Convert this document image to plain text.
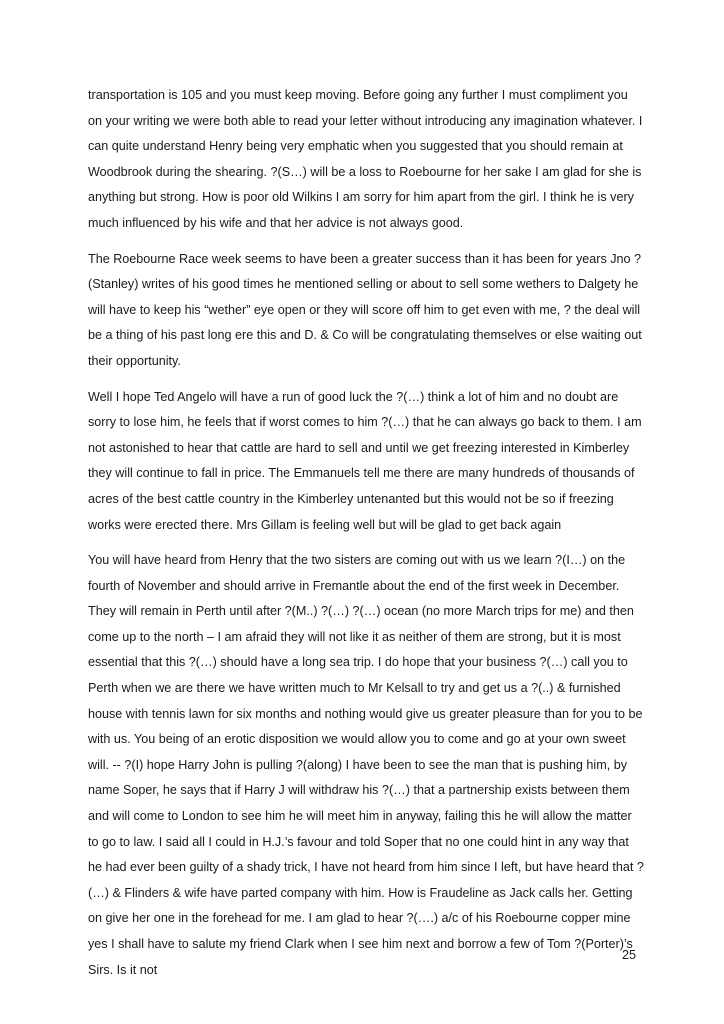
transportation is 105 and you must keep moving. Before going any further I must compliment you on your writing we were both able to read your letter without introducing any imagination whatever. I can quite understand Henry being very emphatic when you suggested that you should remain at Woodbrook during the shearing. ?(S…) will be a loss to Roebourne for her sake I am glad for she is anything but strong. How is poor old Wilkins I am sorry for him apart from the girl. I think he is very much influenced by his wife and that her advice is not always good.

The Roebourne Race week seems to have been a greater success than it has been for years Jno ? (Stanley) writes of his good times he mentioned selling or about to sell some wethers to Dalgety he will have to keep his “wether” eye open or they will score off him to get even with me, ? the deal will be a thing of his past long ere this and D. & Co will be congratulating themselves or else waiting out their opportunity.

Well I hope Ted Angelo will have a run of good luck the ?(…) think a lot of him and no doubt are sorry to lose him, he feels that if worst comes to him ?(…) that he can always go back to them. I am not astonished to hear that cattle are hard to sell and until we get freezing interested in Kimberley they will continue to fall in price. The Emmanuels tell me there are many hundreds of thousands of acres of the best cattle country in the Kimberley untenanted but this would not be so if freezing works were erected there. Mrs Gillam is feeling well but will be glad to get back again

You will have heard from Henry that the two sisters are coming out with us we learn ?(I…) on the fourth of November and should arrive in Fremantle about the end of the first week in December. They will remain in Perth until after ?(M..) ?(…) ?(…) ocean (no more March trips for me) and then come up to the north – I am afraid they will not like it as neither of them are strong, but it is most essential that this ?(…) should have a long sea trip. I do hope that your business ?(…) call you to Perth when we are there we have written much to Mr Kelsall to try and get us a ?(..) & furnished house with tennis lawn for six months and nothing would give us greater pleasure than for you to be with us. You being of an erotic disposition we would allow you to come and go at your own sweet will. -- ?(I) hope Harry John is pulling ?(along) I have been to see the man that is pushing him, by name Soper, he says that if Harry J will withdraw his ?(…) that a partnership exists between them and will come to London to see him he will meet him in anyway, failing this he will allow the matter to go to law. I said all I could in H.J.’s favour and told Soper that no one could hint in any way that he had ever been guilty of a shady trick, I have not heard from him since I left, but have heard that ?(…) & Flinders & wife have parted company with him. How is Fraudeline as Jack calls her. Getting on give her one in the forehead for me. I am glad to hear ?(….) a/c of his Roebourne copper mine yes I shall have to salute my friend Clark when I see him next and borrow a few of Tom ?(Porter)’s Sirs. Is it not

25
